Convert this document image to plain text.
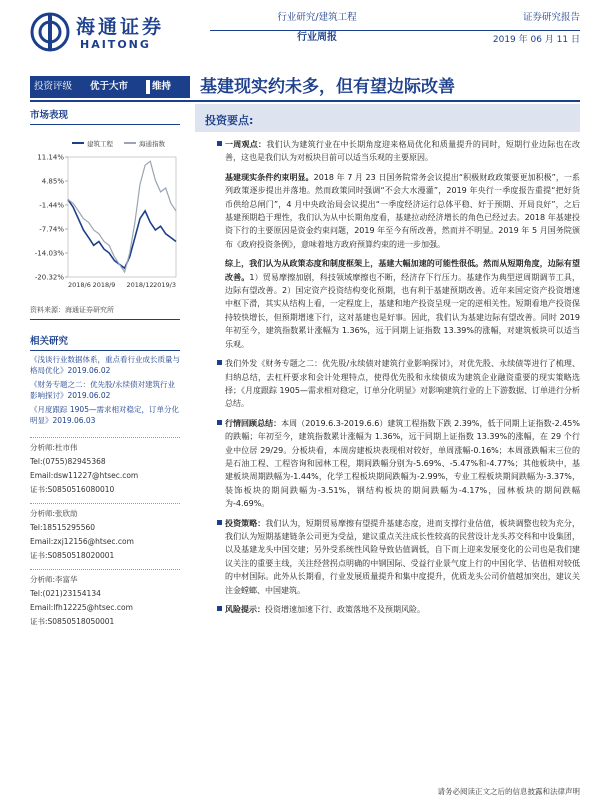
海通证券
HAITONG
行业研究/建筑工程
行业周报
证券研究报告
2019 年 06 月 11 日
投资评级 优于大市	维持 基建现实约未多，但有望边际改善
市场表现
11.14%
4.85%
-1.44%
-7.74%
-14.03%
-20.32%
2018/6 2018/9 2018/12 2019/3
建筑工程	海通指数
资料来源：海通证券研究所
相关研究
《浅谈行业数据体系，重点看行业成长质量与格局优化》2019.06.02
《财务专题之二：优先股/永续债对建筑行业影响探讨》2019.06.02
《月度跟踪 1905—需求相对稳定，订单分化明显》2019.06.03
分析师:杜市伟
Tel:(0755)82945368
Email:dsw11227@htsec.com
证书:S0850516080010
分析师:张欣劼
Tel:18515295560
Email:zxj12156@htsec.com
证书:S0850518020001
分析师:李富华
Tel:(021)23154134
Email:lfh12225@htsec.com
证书:S0850518050001
投资要点:
一周观点：我们认为建筑行业在中长期角度迎来格局优化和质量提升的同时，短期行业边际也在改善，这也是我们认为对板块目前可以适当乐观的主要原因。
基建现实条件约束明显。2018 年 7 月 23 日国务院常务会议提出“积极财政政策要更加积极”，一系列政策逐步提出并落地。然而政策同时强调“不会大水漫灌”，2019 年央行一季度报告重提“把好货币供给总闸门”，4 月中央政治局会议提出“一季度经济运行总体平稳、好于预期、开局良好”，之后基建预期趋于理性，我们认为从中长期角度看，基建拉动经济增长的角色已经过去。2018 年基建投资下行的主要原因是资金约束问题，2019 年至今有所改善，然而并不明显。2019 年 5 月国务院颁布《政府投资条例》，意味着地方政府预算约束的进一步加强。
综上，我们认为从政策态度和制度框架上，基建大幅加速的可能性很低。然而从短期角度，边际有望改善。1）贸易摩擦加剧，科技领域摩擦也不断，经济存下行压力。基建作为典型逆周期调节工具，边际有望改善。2）国定资产投资结构变化预期，也有利于基建预期改善。近年来国定资产投资增速中枢下滑，其实从结构上看，一定程度上，基建和地产投资呈现一定的逆相关性。短期看地产投资保持较快增长，但预期增速下行，这对基建也是好事。因此，我们认为基建边际有望改善。同时 2019 年初至今，建筑指数累计涨幅为 1.36%，远于同期上证指数 13.39%的涨幅，对建筑板块可以适当乐观。
我们外发《财务专题之二：优先股/永续债对建筑行业影响探讨》，对优先股、永续债等进行了梳理、归纳总结，去杠杆要求和会计处理特点，使得优先股和永续债成为建筑企业融资重要的现实策略选择；《月度跟踪 1905—需求相对稳定，订单分化明显》对影响建筑行业的上下游数据、订单进行分析总结。
行情回顾总结：本周（2019.6.3-2019.6.6）建筑工程指数下跌 2.39%，低于同期上证指数-2.45%的跌幅；年初至今，建筑指数累计涨幅为 1.36%，远于同期上证指数 13.39%的涨幅，在 29 个行业中位居 29/29。分板块看，本周房建板块表现相对较好，单周涨幅-0.16%；本周涨跌幅末三位的是石油工程、工程咨询和园林工程，期间跌幅分别为-5.69%、-5.47%和-4.77%；其他板块中，基建板块周期跌幅为-1.44%，化学工程板块期间跌幅为-2.99%，专业工程板块期间跌幅为-3.37%，装饰板块的期间跌幅为-3.51%，钢结构板块的期间跌幅为-4.17%，园林板块的期间跌幅为-4.69%。
投资策略：我们认为，短期贸易摩擦有望提升基建态度，进而支撑行业估值，板块调整也较为充分，我们认为短期基建链条公司更为受益，建议重点关注成长性较高的民营设计龙头苏交科和中设集团，以及基建龙头中国交建；另外受系统性风险导致估值调低，自下而上迎来发展变化的公司也是我们建议关注的重要主线，关注经营拐点明确的中钢国际、受益行业景气度上行的中国化学、估值相对较低的中材国际。此外从长期看，行业发展质量提升和集中度提升，优质龙头公司价值越加突出，建议关注金螳螂、中国建筑。
风险提示：投资增速加速下行、政策落地不及预期风险。
请务必阅读正文之后的信息披露和法律声明
